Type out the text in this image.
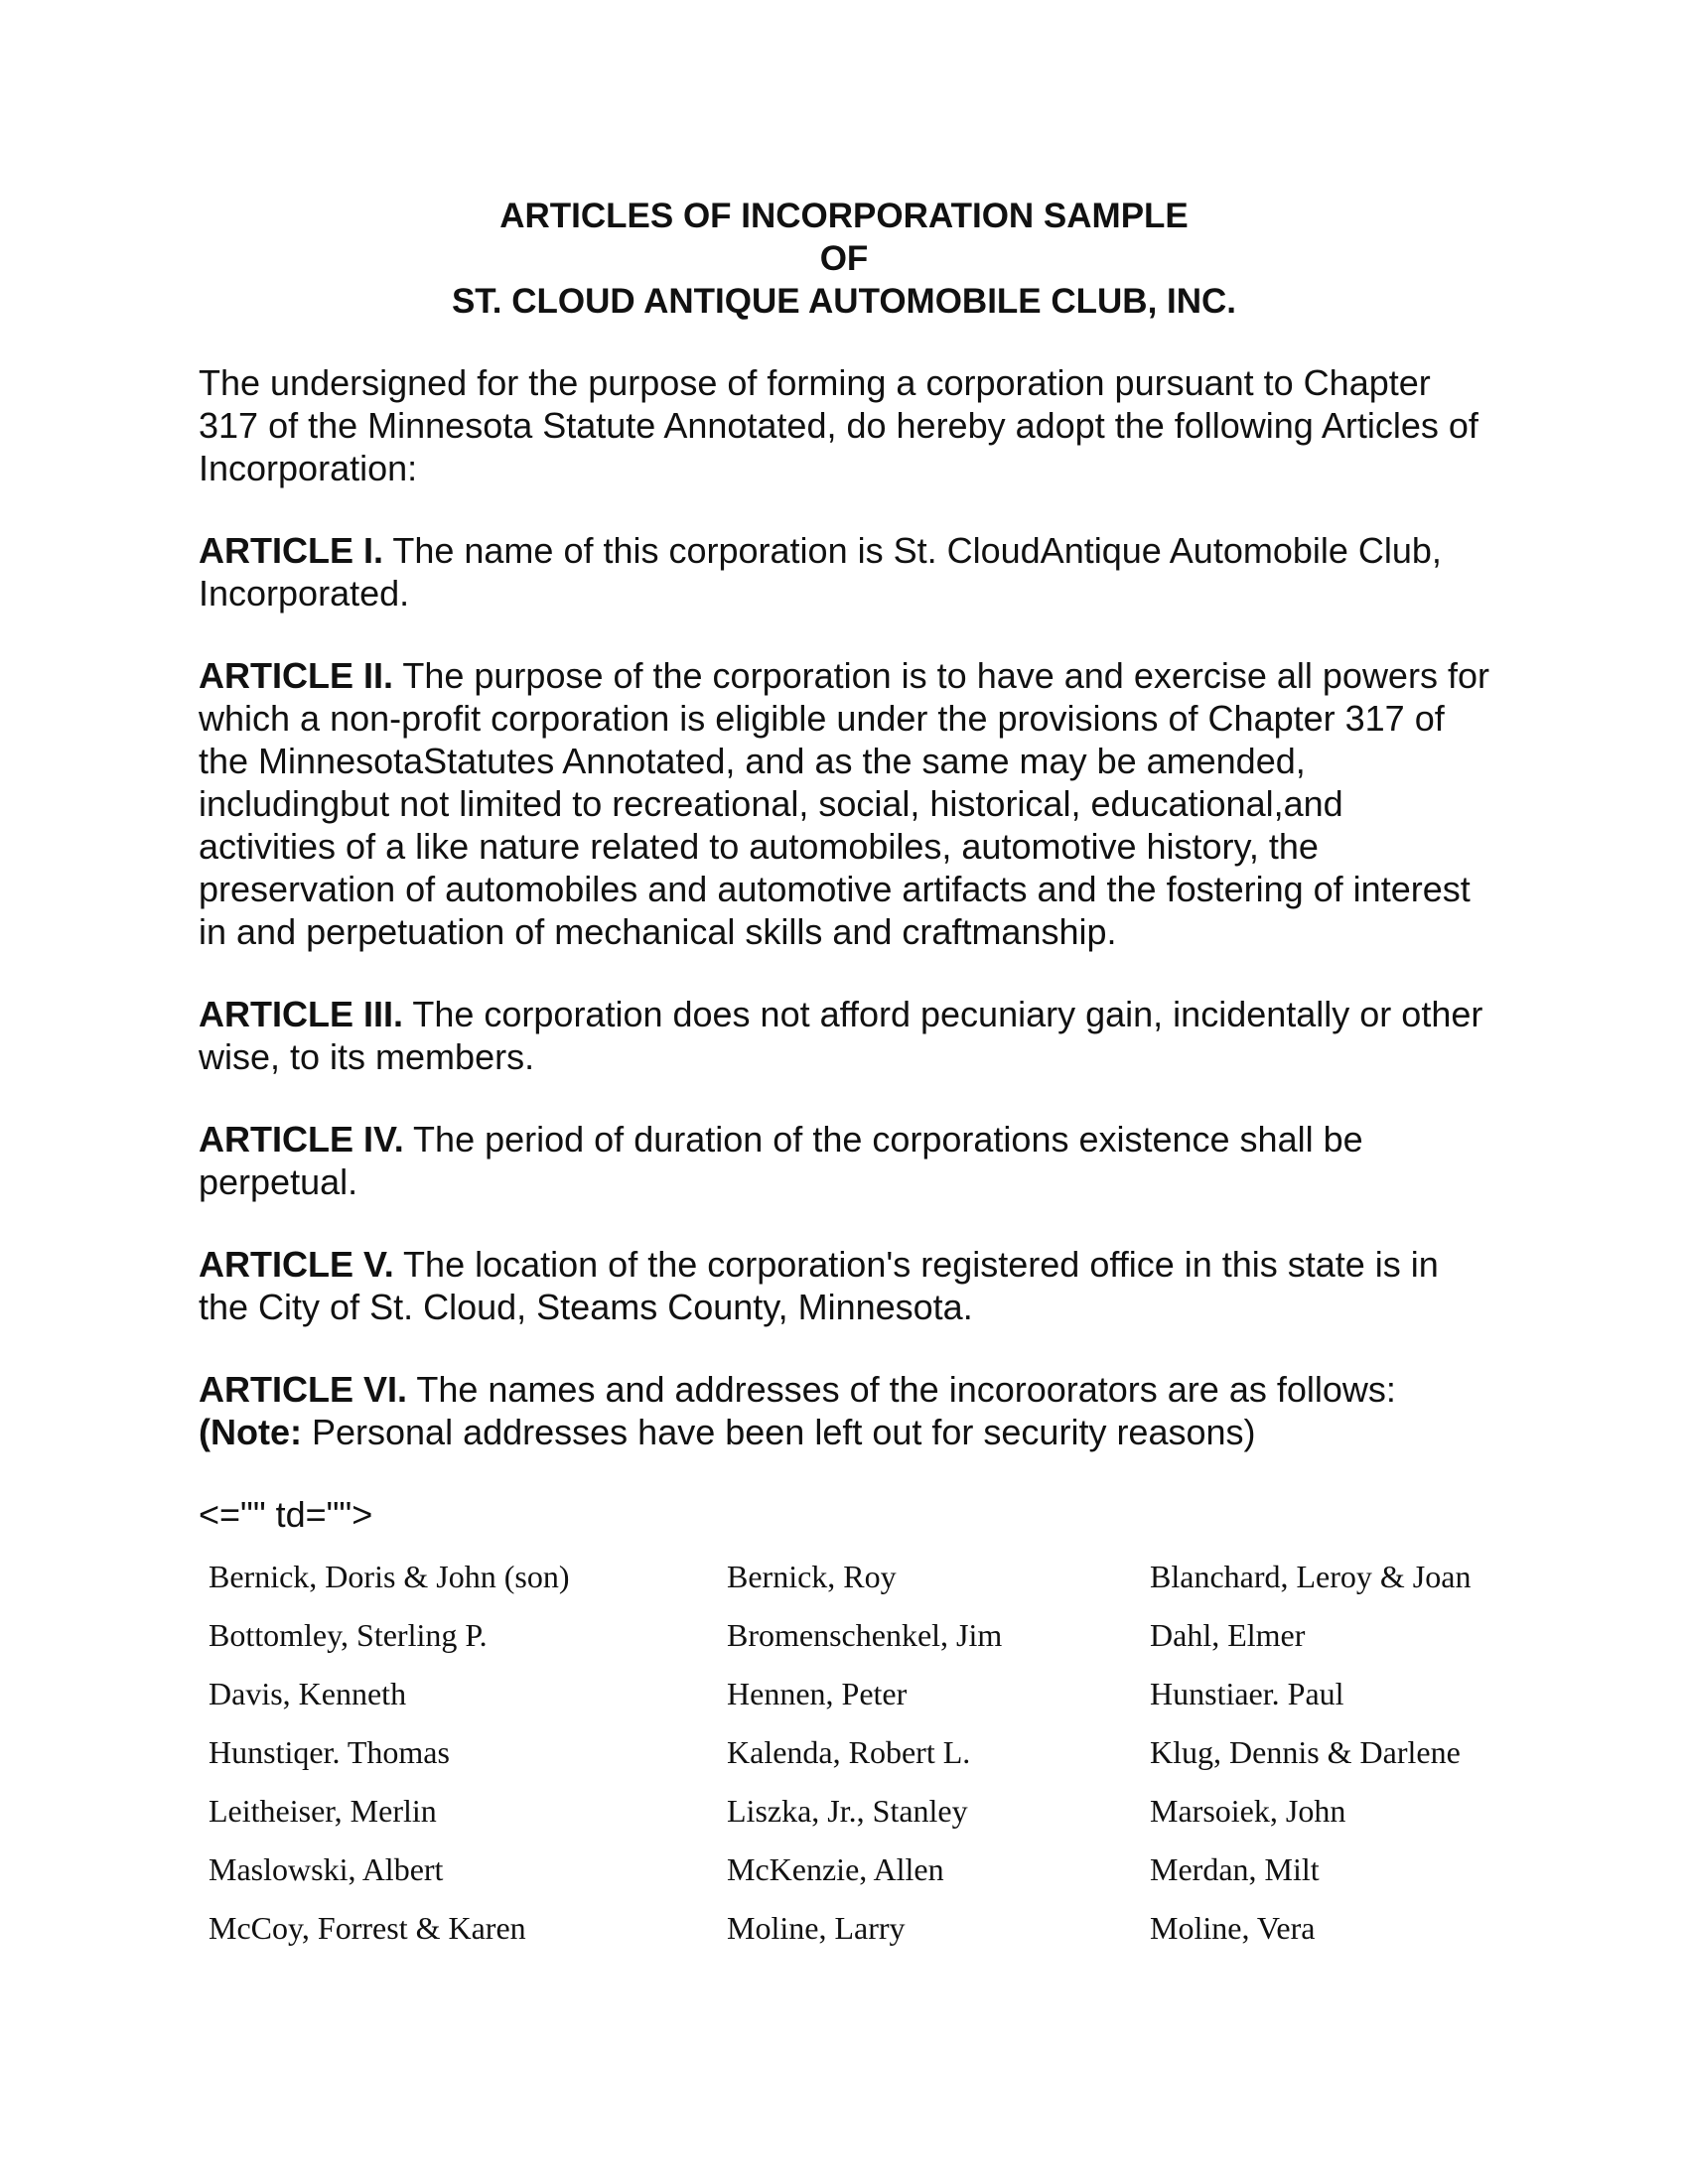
ARTICLES OF INCORPORATION SAMPLE
OF
ST. CLOUD ANTIQUE AUTOMOBILE CLUB, INC.

The undersigned for the purpose of forming a corporation pursuant to Chapter 317 of the Minnesota Statute Annotated, do hereby adopt the following Articles of Incorporation:

ARTICLE I. The name of this corporation is St. CloudAntique Automobile Club, Incorporated.

ARTICLE II. The purpose of the corporation is to have and exercise all powers for which a non-profit corporation is eligible under the provisions of Chapter 317 of the MinnesotaStatutes Annotated, and as the same may be amended, includingbut not limited to recreational, social, historical, educational,and activities of a like nature related to automobiles, automotive history, the preservation of automobiles and automotive artifacts and the fostering of interest in and perpetuation of mechanical skills and craftmanship.

ARTICLE III. The corporation does not afford pecuniary gain, incidentally or other wise, to its members.

ARTICLE IV. The period of duration of the corporations existence shall be perpetual.

ARTICLE V. The location of the corporation's registered office in this state is in the City of St. Cloud, Steams County, Minnesota.

ARTICLE VI. The names and addresses of the incoroorators are as follows:
(Note: Personal addresses have been left out for security reasons)

<="" td="">
Bernick, Doris & John (son)	Bernick, Roy	Blanchard, Leroy & Joan
Bottomley, Sterling P.	Bromenschenkel, Jim	Dahl, Elmer
Davis, Kenneth	Hennen, Peter	Hunstiaer. Paul
Hunstiqer. Thomas	Kalenda, Robert L.	Klug, Dennis & Darlene
Leitheiser, Merlin	Liszka, Jr., Stanley	Marsoiek, John
Maslowski, Albert	McKenzie, Allen	Merdan, Milt
McCoy, Forrest & Karen	Moline, Larry	Moline, Vera
